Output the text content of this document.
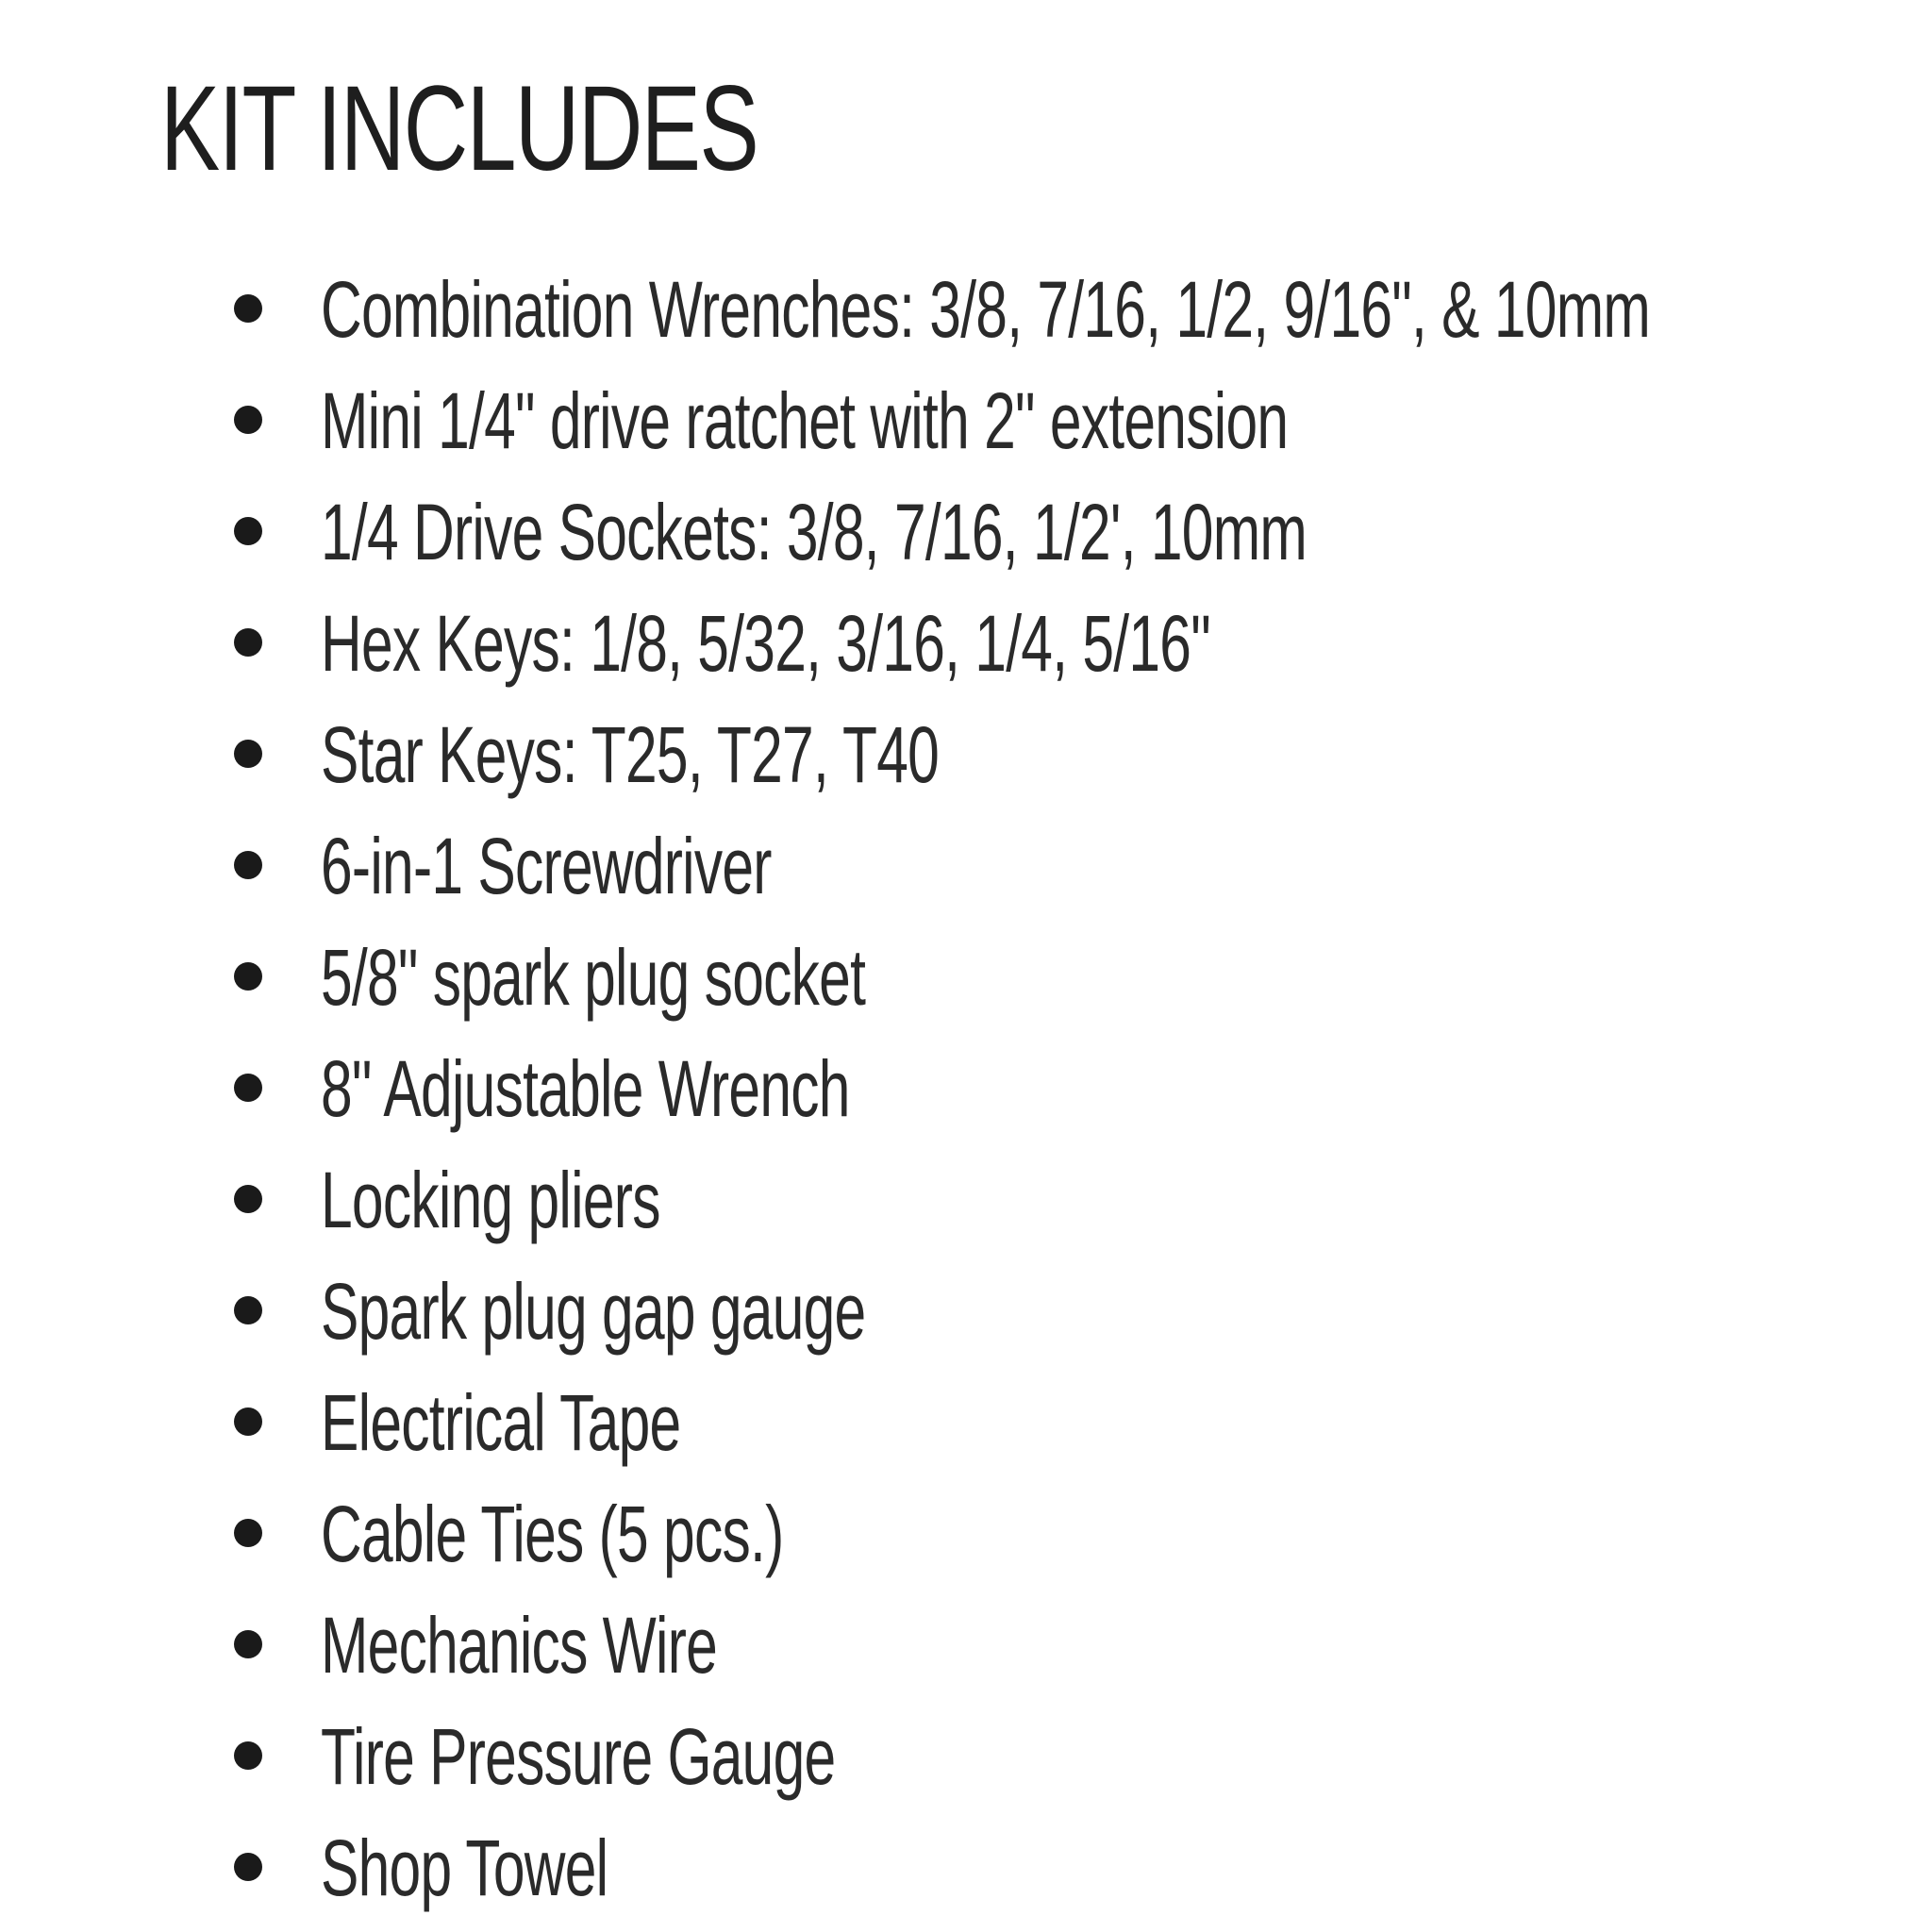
KIT INCLUDES
Combination Wrenches: 3/8, 7/16, 1/2, 9/16", & 10mm
Mini 1/4" drive ratchet with 2" extension
1/4 Drive Sockets: 3/8, 7/16, 1/2', 10mm
Hex Keys: 1/8, 5/32, 3/16, 1/4, 5/16"
Star Keys: T25, T27, T40
6-in-1 Screwdriver
5/8" spark plug socket
8" Adjustable Wrench
Locking pliers
Spark plug gap gauge
Electrical Tape
Cable Ties (5 pcs.)
Mechanics Wire
Tire Pressure Gauge
Shop Towel
